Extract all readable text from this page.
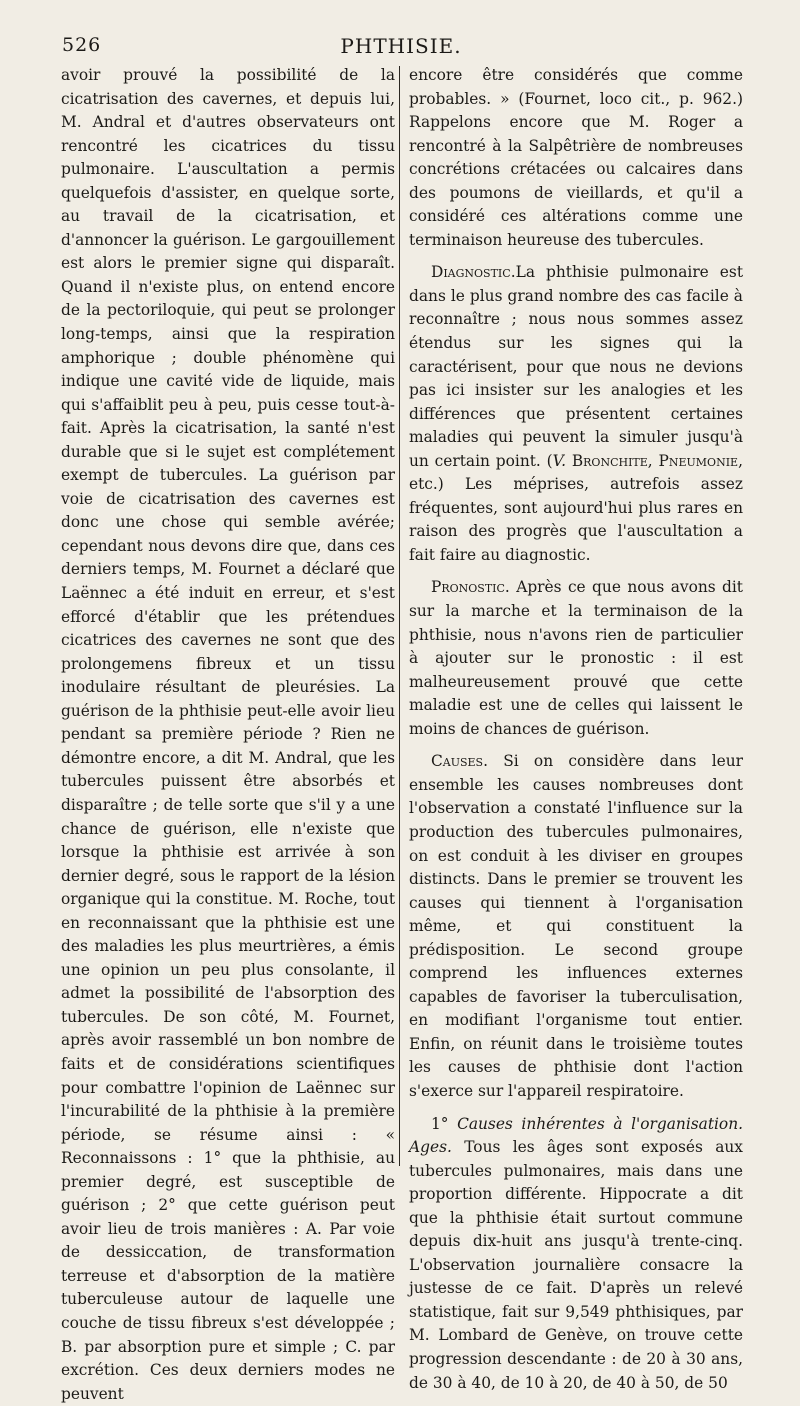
526	PHTHISIE.

avoir prouvé la possibilité de la cicatrisation des cavernes, et depuis lui, M. Andral et d'autres observateurs ont rencontré les cicatrices du tissu pulmonaire. L'auscultation a permis quelquefois d'assister, en quelque sorte, au travail de la cicatrisation, et d'annoncer la guérison. Le gargouillement est alors le premier signe qui disparaît. Quand il n'existe plus, on entend encore de la pectoriloquie, qui peut se prolonger long-temps, ainsi que la respiration amphorique ; double phénomène qui indique une cavité vide de liquide, mais qui s'affaiblit peu à peu, puis cesse tout-à-fait. Après la cicatrisation, la santé n'est durable que si le sujet est complétement exempt de tubercules. La guérison par voie de cicatrisation des cavernes est donc une chose qui semble avérée; cependant nous devons dire que, dans ces derniers temps, M. Fournet a déclaré que Laënnec a été induit en erreur, et s'est efforcé d'établir que les prétendues cicatrices des cavernes ne sont que des prolongemens fibreux et un tissu inodulaire résultant de pleurésies. La guérison de la phthisie peut-elle avoir lieu pendant sa première période ? Rien ne démontre encore, a dit M. Andral, que les tubercules puissent être absorbés et disparaître ; de telle sorte que s'il y a une chance de guérison, elle n'existe que lorsque la phthisie est arrivée à son dernier degré, sous le rapport de la lésion organique qui la constitue. M. Roche, tout en reconnaissant que la phthisie est une des maladies les plus meurtrières, a émis une opinion un peu plus consolante, il admet la possibilité de l'absorption des tubercules. De son côté, M. Fournet, après avoir rassemblé un bon nombre de faits et de considérations scientifiques pour combattre l'opinion de Laënnec sur l'incurabilité de la phthisie à la première période, se résume ainsi : « Reconnaissons : 1° que la phthisie, au premier degré, est susceptible de guérison ; 2° que cette guérison peut avoir lieu de trois manières : A. Par voie de dessiccation, de transformation terreuse et d'absorption de la matière tuberculeuse autour de laquelle une couche de tissu fibreux s'est développée ; B. par absorption pure et simple ; C. par excrétion. Ces deux derniers modes ne peuvent

encore être considérés que comme probables. » (Fournet, loco cit., p. 962.) Rappelons encore que M. Roger a rencontré à la Salpêtrière de nombreuses concrétions crétacées ou calcaires dans des poumons de vieillards, et qu'il a considéré ces altérations comme une terminaison heureuse des tubercules.

Diagnostic.La phthisie pulmonaire est dans le plus grand nombre des cas facile à reconnaître ; nous nous sommes assez étendus sur les signes qui la caractérisent, pour que nous ne devions pas ici insister sur les analogies et les différences que présentent certaines maladies qui peuvent la simuler jusqu'à un certain point. (V. Bronchite, Pneumonie, etc.) Les méprises, autrefois assez fréquentes, sont aujourd'hui plus rares en raison des progrès que l'auscultation a fait faire au diagnostic.

Pronostic. Après ce que nous avons dit sur la marche et la terminaison de la phthisie, nous n'avons rien de particulier à ajouter sur le pronostic : il est malheureusement prouvé que cette maladie est une de celles qui laissent le moins de chances de guérison.

Causes. Si on considère dans leur ensemble les causes nombreuses dont l'observation a constaté l'influence sur la production des tubercules pulmonaires, on est conduit à les diviser en groupes distincts. Dans le premier se trouvent les causes qui tiennent à l'organisation même, et qui constituent la prédisposition. Le second groupe comprend les influences externes capables de favoriser la tuberculisation, en modifiant l'organisme tout entier. Enfin, on réunit dans le troisième toutes les causes de phthisie dont l'action s'exerce sur l'appareil respiratoire.

1° Causes inhérentes à l'organisation. Ages. Tous les âges sont exposés aux tubercules pulmonaires, mais dans une proportion différente. Hippocrate a dit que la phthisie était surtout commune depuis dix-huit ans jusqu'à trente-cinq. L'observation journalière consacre la justesse de ce fait. D'après un relevé statistique, fait sur 9,549 phthisiques, par M. Lombard de Genève, on trouve cette progression descendante : de 20 à 30 ans, de 30 à 40, de 10 à 20, de 40 à 50, de 50
